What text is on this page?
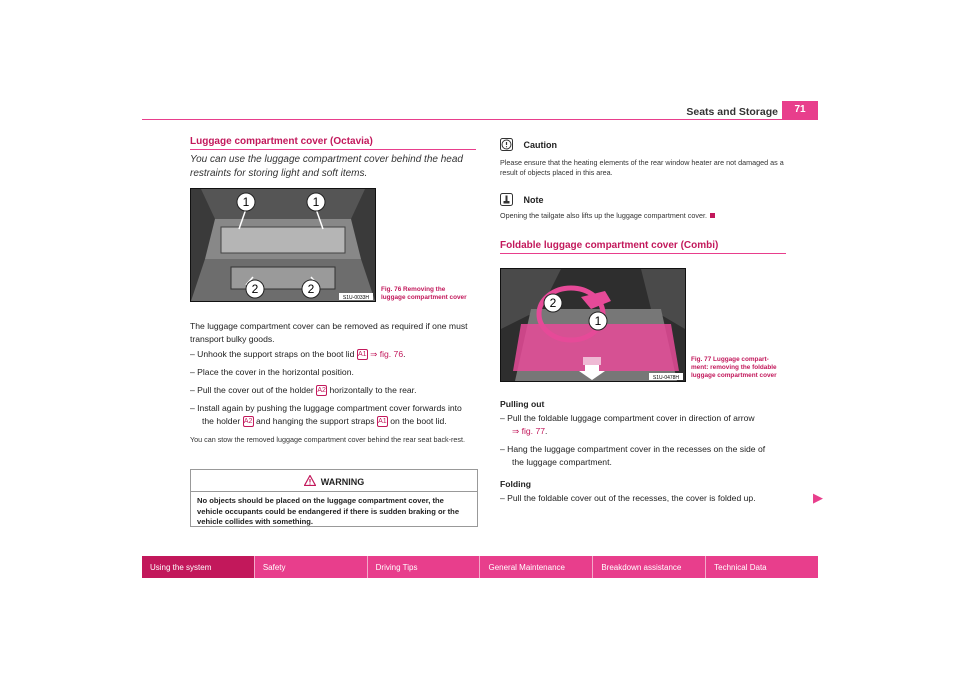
Seats and Storage	71
Luggage compartment cover (Octavia)
You can use the luggage compartment cover behind the head restraints for storing light and soft items.
1	1
2	2
S1U-0033H
Fig. 76 Removing the
luggage compartment cover
The luggage compartment cover can be removed as required if one must transport bulky goods.
– Unhook the support straps on the boot lid A1 ⇒ fig. 76.
– Place the cover in the horizontal position.
– Pull the cover out of the holder A2 horizontally to the rear.
– Install again by pushing the luggage compartment cover forwards into
the holder A2 and hanging the support straps A1 on the boot lid.
You can stow the removed luggage compartment cover behind the rear seat back-rest.
WARNING
No objects should be placed on the luggage compartment cover, the vehicle occupants could be endangered if there is sudden braking or the vehicle collides with something.
Caution
Please ensure that the heating elements of the rear window heater are not damaged as a result of objects placed in this area.
Note
Opening the tailgate also lifts up the luggage compartment cover.
Foldable luggage compartment cover (Combi)
2
1
S1U-0478H
Fig. 77 Luggage compart-
ment: removing the foldable
luggage compartment cover
Pulling out
– Pull the foldable luggage compartment cover in direction of arrow
⇒ fig. 77.
– Hang the luggage compartment cover in the recesses on the side of
the luggage compartment.
Folding
– Pull the foldable cover out of the recesses, the cover is folded up.	▶
Using the system	Safety	Driving Tips	General Maintenance	Breakdown assistance	Technical Data
